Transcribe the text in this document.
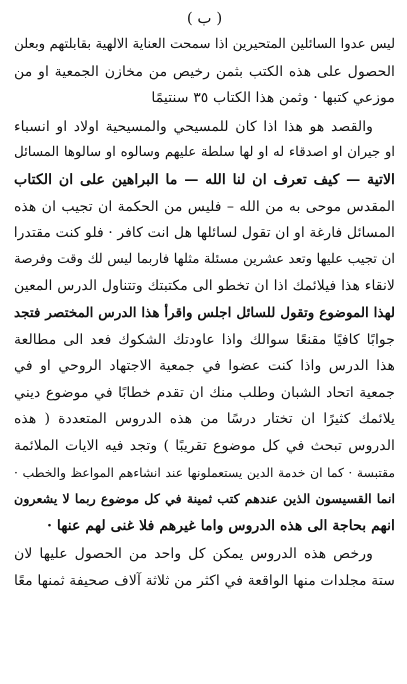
( ب )

ليس عدوا السائلين المتحيرين اذا سمحت العناية الالهية بقابلتهم وبعلن

الحصول على هذه الكتب بثمن رخيص من مخازن الجمعية او من

موزعي كتبها · وثمن هذا الكتاب ٣٥ سنتيمًا

والقصد هو هذا اذا كان للمسيحي والمسيحية اولاد او انسباء

او جيران او اصدقاء له او لها سلطة عليهم وسالوه او سالوها المسائل

الاتية — كيف تعرف ان لنا الله — ما البراهين على ان الكتاب

المقدس موحى به من الله – فليس من الحكمة ان تجيب ان هذه

المسائل فارغة او ان تقول لسائلها هل انت كافر · فلو كنت مقتدرا

ان تجيب عليها وتعد عشرين مسئلة مثلها فاربما ليس لك وقت وفرصة

لانقاء هذا فيلائمك اذا ان تخطو الى مكتبتك وتتناول الدرس المعين

لهذا الموضوع وتقول للسائل اجلس واقرأ هذا الدرس المختصر فتجد

جوابًا كافيًا مقنعًا سوالك واذا عاودتك الشكوك فعد الى مطالعة

هذا الدرس واذا كنت عضوا في جمعية الاجتهاد الروحي او في

جمعية اتحاد الشبان وطلب منك ان تقدم خطابًا في موضوع ديني

يلائمك كثيرًا ان تختار درسًا من هذه الدروس المتعددة ( هذه

الدروس تبحث في كل موضوع تقريبًا ) وتجد فيه الايات الملائمة

مقتبسة · كما ان خدمة الدين يستعملونها عند انشاءهم المواعظ والخطب ·

انما القسيسون الذين عندهم كتب ثمينة في كل موضوع ربما لا يشعرون

انهم بحاجة الى هذه الدروس واما غيرهم فلا غنى لهم عنها ·

ورخص هذه الدروس يمكن كل واحد من الحصول عليها لان

ستة مجلدات منها الواقعة في اكثر من ثلاثة آلاف صحيفة ثمنها معًا
